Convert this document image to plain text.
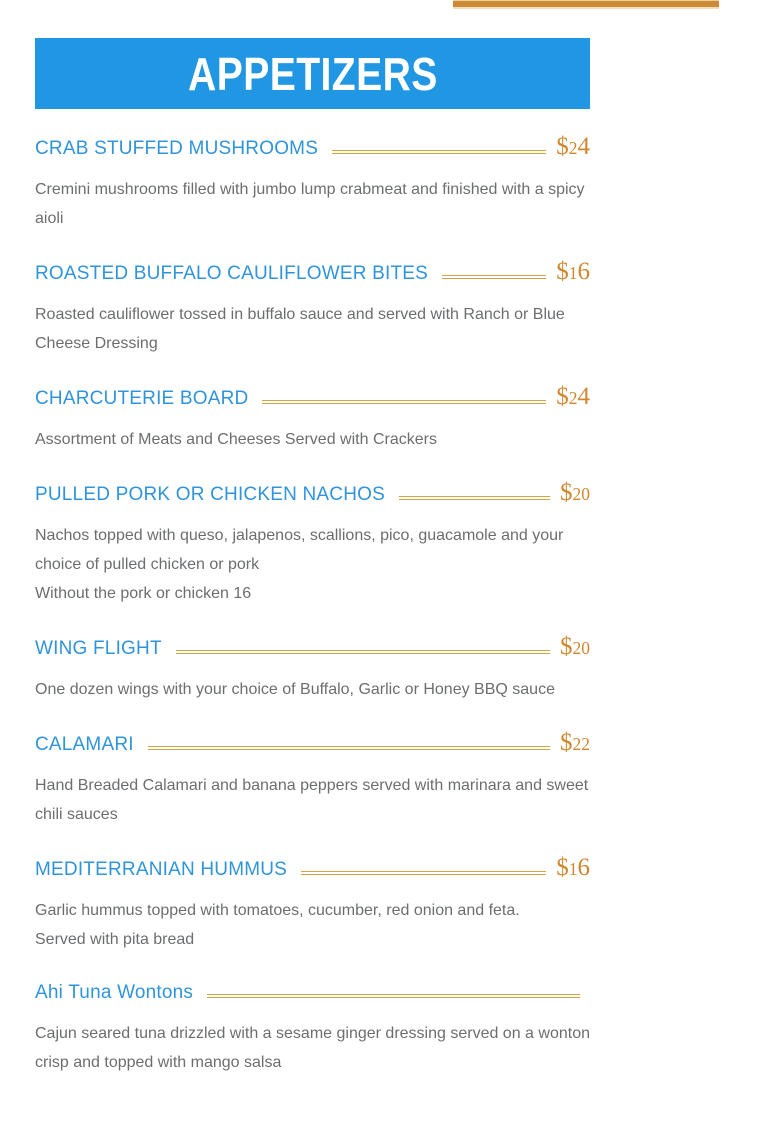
APPETIZERS
CRAB STUFFED MUSHROOMS	$24

Cremini mushrooms filled with jumbo lump crabmeat and finished with a spicy aioli

ROASTED BUFFALO CAULIFLOWER BITES	$16

Roasted cauliflower tossed in buffalo sauce and served with Ranch or Blue Cheese Dressing

CHARCUTERIE BOARD	$24

Assortment of Meats and Cheeses Served with Crackers

PULLED PORK OR CHICKEN NACHOS	$20

Nachos topped with queso, jalapenos, scallions, pico, guacamole and your choice of pulled chicken or pork

Without the pork or chicken 16

WING FLIGHT	$20

One dozen wings with your choice of Buffalo, Garlic or Honey BBQ sauce

CALAMARI	$22

Hand Breaded Calamari and banana peppers served with marinara and sweet chili sauces

MEDITERRANIAN HUMMUS	$16

Garlic hummus topped with tomatoes, cucumber, red onion and feta.

Served with pita bread

Ahi Tuna Wontons

Cajun seared tuna drizzled with a sesame ginger dressing served on a wonton crisp and topped with mango salsa
